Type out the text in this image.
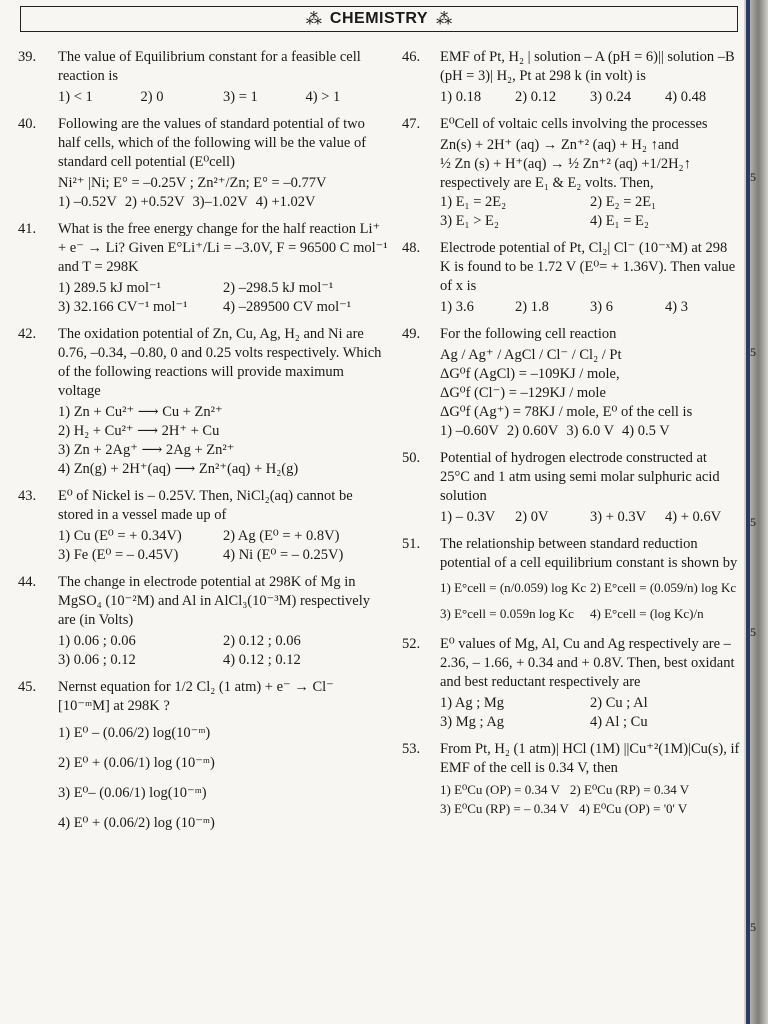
⁂ CHEMISTRY ⁂
39. The value of Equilibrium constant for a feasible cell reaction is
1) < 1	2) 0	3) = 1	4) > 1
40. Following are the values of standard potential of two half cells, which of the following will be the value of standard cell potential (E⁰cell)
Ni²⁺ |Ni; E° = –0.25V ; Zn²⁺/Zn; E° = –0.77V
1) –0.52V 2) +0.52V 3)–1.02V 4) +1.02V
41. What is the free energy change for the half reaction Li⁺ + e⁻ → Li? Given E°Li⁺/Li = –3.0V, F = 96500 C mol⁻¹ and T = 298K
1) 289.5 kJ mol⁻¹	2) –298.5 kJ mol⁻¹
3) 32.166 CV⁻¹ mol⁻¹	4) –289500 CV mol⁻¹
42. The oxidation potential of Zn, Cu, Ag, H₂ and Ni are 0.76, –0.34, –0.80, 0 and 0.25 volts respectively. Which of the following reactions will provide maximum voltage
1) Zn + Cu²⁺ ⟶ Cu + Zn²⁺
2) H₂ + Cu²⁺ ⟶ 2H⁺ + Cu
3) Zn + 2Ag⁺ ⟶ 2Ag + Zn²⁺
4) Zn(g) + 2H⁺(aq) ⟶ Zn²⁺(aq) + H₂(g)
43. E⁰ of Nickel is – 0.25V. Then, NiCl₂(aq) cannot be stored in a vessel made up of
1) Cu (E⁰ = + 0.34V)	2) Ag (E⁰ = + 0.8V)
3) Fe (E⁰ = – 0.45V)	4) Ni (E⁰ = – 0.25V)
44. The change in electrode potential at 298K of Mg in MgSO₄ (10⁻²M) and Al in AlCl₃(10⁻³M) respectively are (in Volts)
1) 0.06 ; 0.06	2) 0.12 ; 0.06
3) 0.06 ; 0.12	4) 0.12 ; 0.12
45. Nernst equation for 1/2 Cl₂ (1 atm) + e⁻ → Cl⁻ [10⁻ᵐM] at 298K ?
1) E⁰ – (0.06/2) log(10⁻ᵐ)
2) E⁰ + (0.06/1) log (10⁻ᵐ)
3) E⁰– (0.06/1) log(10⁻ᵐ)
4) E⁰ + (0.06/2) log (10⁻ᵐ)
46. EMF of Pt, H₂ | solution – A (pH = 6)|| solution –B (pH = 3)| H₂, Pt at 298 k (in volt) is
1) 0.18	2) 0.12	3) 0.24	4) 0.48
47. E⁰Cell of voltaic cells involving the processes
Zn(s) + 2H⁺ (aq) → Zn⁺² (aq) + H₂ ↑and
½ Zn (s) + H⁺(aq) → ½ Zn⁺² (aq) +1/2H₂↑
respectively are E₁ & E₂ volts. Then,
1) E₁ = 2E₂	2) E₂ = 2E₁
3) E₁ > E₂	4) E₁ = E₂
48. Electrode potential of Pt, Cl₂| Cl⁻ (10⁻ˣM) at 298 K is found to be 1.72 V (E⁰= + 1.36V). Then value of x is
1) 3.6	2) 1.8	3) 6	4) 3
49. For the following cell reaction
Ag / Ag⁺ / AgCl / Cl⁻ / Cl₂ / Pt
ΔG⁰f (AgCl) = –109KJ / mole,
ΔG⁰f (Cl⁻) = –129KJ / mole
ΔG⁰f (Ag⁺) = 78KJ / mole, E⁰ of the cell is
1) –0.60V 2) 0.60V 3) 6.0 V 4) 0.5 V
50. Potential of hydrogen electrode constructed at 25°C and 1 atm using semi molar sulphuric acid solution
1) – 0.3V	2) 0V	3) + 0.3V	4) + 0.6V
51. The relationship between standard reduction potential of a cell equilibrium constant is shown by
1) E°cell = (n/0.059) log Kc 2) E°cell = (0.059/n) log Kc
3) E°cell = 0.059n log Kc	4) E°cell = (log Kc)/n
52. E⁰ values of Mg, Al, Cu and Ag respectively are –2.36, – 1.66, + 0.34 and + 0.8V. Then, best oxidant and best reductant respectively are
1) Ag ; Mg	2) Cu ; Al
3) Mg ; Ag	4) Al ; Cu
53. From Pt, H₂ (1 atm)| HCl (1M) ||Cu⁺²(1M)|Cu(s), if EMF of the cell is 0.34 V, then
1) E⁰Cu (OP) = 0.34 V 2) E⁰Cu (RP) = 0.34 V
3) E⁰Cu (RP) = – 0.34 V 4) E⁰Cu (OP) = '0' V
5
5
5
5
5
